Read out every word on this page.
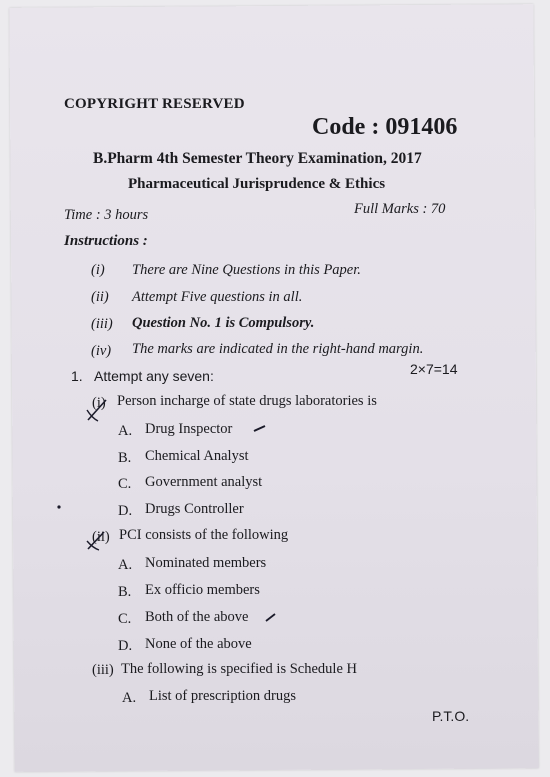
COPYRIGHT RESERVED
Code : 091406
B.Pharm 4th Semester Theory Examination, 2017
Pharmaceutical Jurisprudence & Ethics
Time : 3 hours	Full Marks : 70
Instructions :
(i) There are Nine Questions in this Paper.
(ii) Attempt Five questions in all.
(iii) Question No. 1 is Compulsory.
(iv) The marks are indicated in the right-hand margin.
1. Attempt any seven:	2×7=14
(i) Person incharge of state drugs laboratories is
A. Drug Inspector
B. Chemical Analyst
C. Government analyst
D. Drugs Controller
(ii) PCI consists of the following
A. Nominated members
B. Ex officio members
C. Both of the above
D. None of the above
(iii) The following is specified is Schedule H
A. List of prescription drugs
P.T.O.
